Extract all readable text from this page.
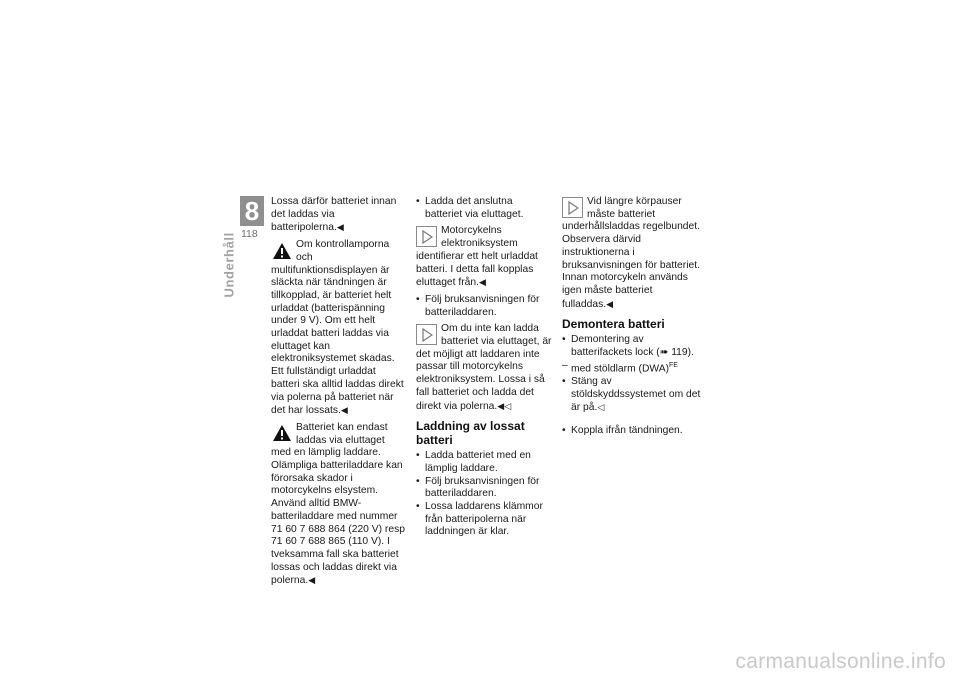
8
118
Underhåll

Lossa därför batteriet innan det laddas via batteripolerna.◀

Om kontrollamporna och multifunktionsdisplayen är släckta när tändningen är tillkopplad, är batteriet helt urladdat (batterispänning under 9 V). Om ett helt urladdat batteri laddas via eluttaget kan elektroniksystemet skadas.

Ett fullständigt urladdat batteri ska alltid laddas direkt via polerna på batteriet när det har lossats.◀

Batteriet kan endast laddas via eluttaget med en lämplig laddare. Olämpliga batteriladdare kan förorsaka skador i motorcykelns elsystem.

Använd alltid BMW-batteriladdare med nummer 71 60 7 688 864 (220 V) resp 71 60 7 688 865 (110 V). I tveksamma fall ska batteriet lossas och laddas direkt via polerna.◀

• Ladda det anslutna batteriet via eluttaget.
Motorcykelns elektroniksystem identifierar ett helt urladdat batteri. I detta fall kopplas eluttaget från.◀
• Följ bruksanvisningen för batteriladdaren.
Om du inte kan ladda batteriet via eluttaget, är det möjligt att laddaren inte passar till motorcykelns elektroniksystem. Lossa i så fall batteriet och ladda det direkt via polerna.◀◁
Laddning av lossat batteri
• Ladda batteriet med en lämplig laddare.
• Följ bruksanvisningen för batteriladdaren.
• Lossa laddarens klämmor från batteripolerna när laddningen är klar.
Vid längre körpauser måste batteriet underhållsladdas regelbundet. Observera därvid instruktionerna i bruksanvisningen för batteriet. Innan motorcykeln används igen måste batteriet fulladdas.◀
Demontera batteri
• Demontering av batterifackets lock (➠ 119).
– med stöldlarm (DWA)$^{FE}$
• Stäng av stöldskyddssystemet om det är på.◁
• Koppla ifrån tändningen.
carmanualsonline.info
